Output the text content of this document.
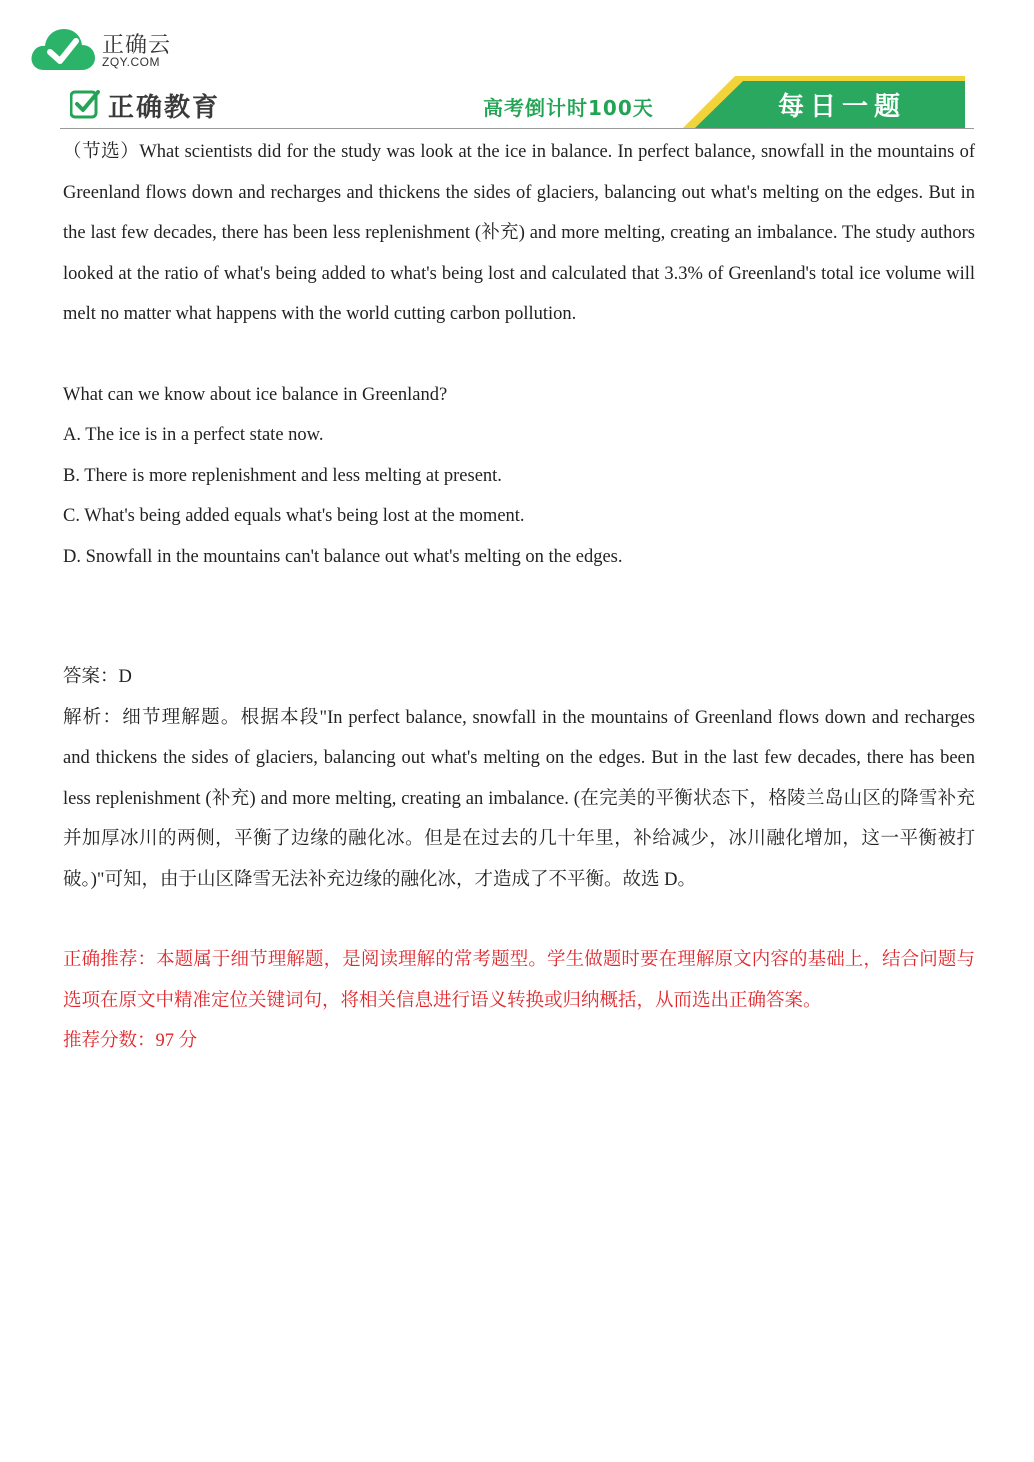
正确云
ZQY.COM
正确教育	高考倒计时100天	每日一题

（节选）What scientists did for the study was look at the ice in balance. In perfect balance, snowfall in the mountains of Greenland flows down and recharges and thickens the sides of glaciers, balancing out what's melting on the edges. But in the last few decades, there has been less replenishment (补充) and more melting, creating an imbalance. The study authors looked at the ratio of what's being added to what's being lost and calculated that 3.3% of Greenland's total ice volume will melt no matter what happens with the world cutting carbon pollution.

What can we know about ice balance in Greenland?

A. The ice is in a perfect state now.

B. There is more replenishment and less melting at present.

C. What's being added equals what's being lost at the moment.

D. Snowfall in the mountains can't balance out what's melting on the edges.

答案：D

解析：细节理解题。根据本段"In perfect balance, snowfall in the mountains of Greenland flows down and recharges and thickens the sides of glaciers, balancing out what's melting on the edges. But in the last few decades, there has been less replenishment (补充) and more melting, creating an imbalance. (在完美的平衡状态下，格陵兰岛山区的降雪补充并加厚冰川的两侧，平衡了边缘的融化冰。但是在过去的几十年里，补给减少，冰川融化增加，这一平衡被打破。)"可知，由于山区降雪无法补充边缘的融化冰，才造成了不平衡。故选 D。

正确推荐：本题属于细节理解题，是阅读理解的常考题型。学生做题时要在理解原文内容的基础上，结合问题与选项在原文中精准定位关键词句，将相关信息进行语义转换或归纳概括，从而选出正确答案。

推荐分数：97 分
